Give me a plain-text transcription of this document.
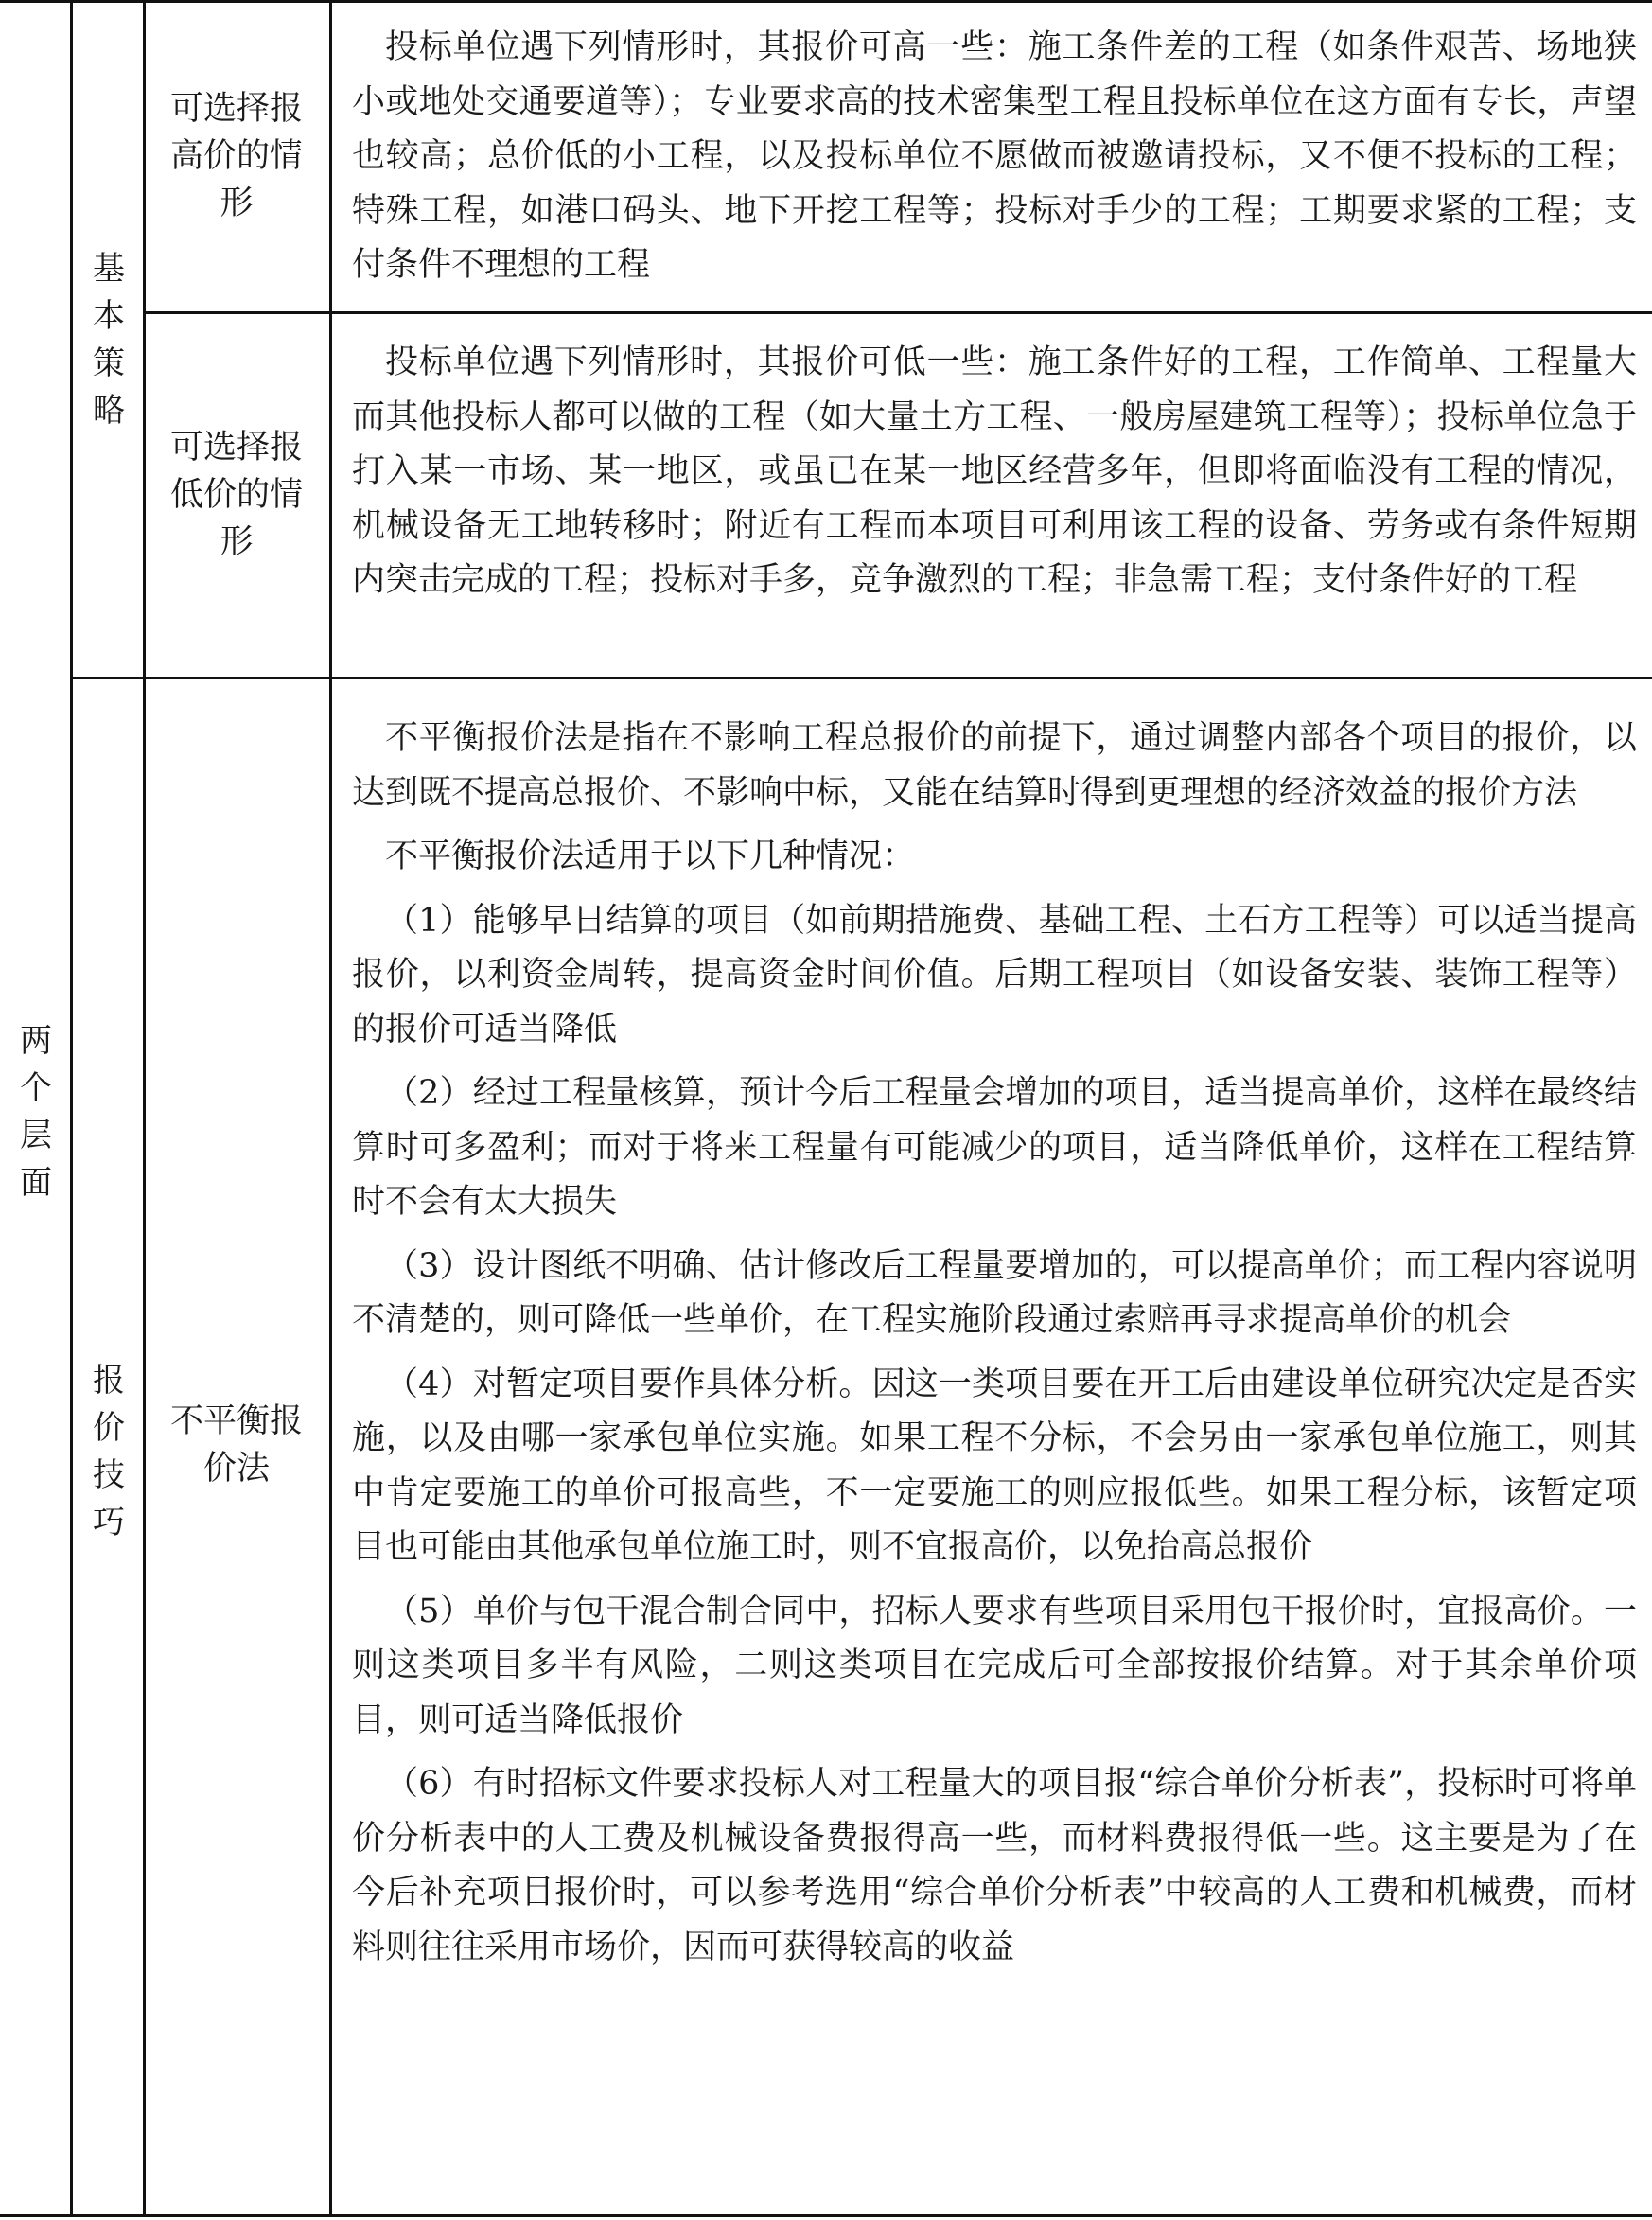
两个层面
基本策略
报价技巧
可选择报高价的情形
可选择报低价的情形
不平衡报价法

投标单位遇下列情形时，其报价可高一些：施工条件差的工程（如条件艰苦、场地狭小或地处交通要道等）；专业要求高的技术密集型工程且投标单位在这方面有专长，声望也较高；总价低的小工程，以及投标单位不愿做而被邀请投标，又不便不投标的工程；特殊工程，如港口码头、地下开挖工程等；投标对手少的工程；工期要求紧的工程；支付条件不理想的工程

投标单位遇下列情形时，其报价可低一些：施工条件好的工程，工作简单、工程量大而其他投标人都可以做的工程（如大量土方工程、一般房屋建筑工程等）；投标单位急于打入某一市场、某一地区，或虽已在某一地区经营多年，但即将面临没有工程的情况，机械设备无工地转移时；附近有工程而本项目可利用该工程的设备、劳务或有条件短期内突击完成的工程；投标对手多，竞争激烈的工程；非急需工程；支付条件好的工程

不平衡报价法是指在不影响工程总报价的前提下，通过调整内部各个项目的报价，以达到既不提高总报价、不影响中标，又能在结算时得到更理想的经济效益的报价方法

不平衡报价法适用于以下几种情况：

（1）能够早日结算的项目（如前期措施费、基础工程、土石方工程等）可以适当提高报价，以利资金周转，提高资金时间价值。后期工程项目（如设备安装、装饰工程等）的报价可适当降低

（2）经过工程量核算，预计今后工程量会增加的项目，适当提高单价，这样在最终结算时可多盈利；而对于将来工程量有可能减少的项目，适当降低单价，这样在工程结算时不会有太大损失

（3）设计图纸不明确、估计修改后工程量要增加的，可以提高单价；而工程内容说明不清楚的，则可降低一些单价，在工程实施阶段通过索赔再寻求提高单价的机会

（4）对暂定项目要作具体分析。因这一类项目要在开工后由建设单位研究决定是否实施，以及由哪一家承包单位实施。如果工程不分标，不会另由一家承包单位施工，则其中肯定要施工的单价可报高些，不一定要施工的则应报低些。如果工程分标，该暂定项目也可能由其他承包单位施工时，则不宜报高价，以免抬高总报价

（5）单价与包干混合制合同中，招标人要求有些项目采用包干报价时，宜报高价。一则这类项目多半有风险，二则这类项目在完成后可全部按报价结算。对于其余单价项目，则可适当降低报价

（6）有时招标文件要求投标人对工程量大的项目报“综合单价分析表”，投标时可将单价分析表中的人工费及机械设备费报得高一些，而材料费报得低一些。这主要是为了在今后补充项目报价时，可以参考选用“综合单价分析表”中较高的人工费和机械费，而材料则往往采用市场价，因而可获得较高的收益
